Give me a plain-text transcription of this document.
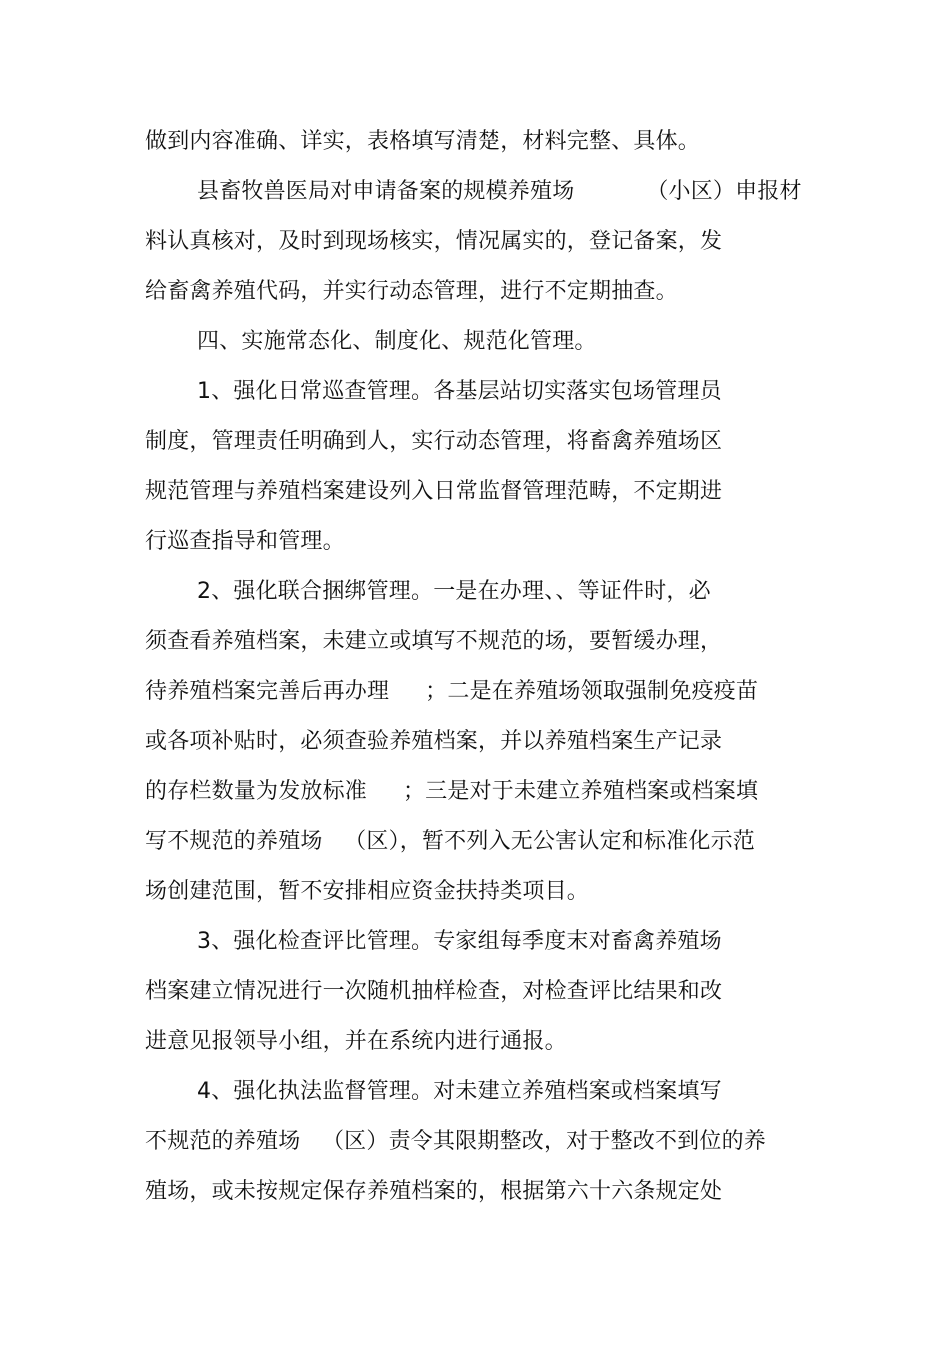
做到内容准确、详实，表格填写清楚，材料完整、具体。
县畜牧兽医局对申请备案的规模养殖场          （小区）申报材
料认真核对，及时到现场核实，情况属实的，登记备案，发
给畜禽养殖代码，并实行动态管理，进行不定期抽查。
四、实施常态化、制度化、规范化管理。
1、强化日常巡查管理。各基层站切实落实包场管理员
制度，管理责任明确到人，实行动态管理，将畜禽养殖场区
规范管理与养殖档案建设列入日常监督管理范畴，不定期进
行巡查指导和管理。
2、强化联合捆绑管理。一是在办理、、等证件时，必
须查看养殖档案，未建立或填写不规范的场，要暂缓办理，
待养殖档案完善后再办理     ；二是在养殖场领取强制免疫疫苗
或各项补贴时，必须查验养殖档案，并以养殖档案生产记录
的存栏数量为发放标准     ；三是对于未建立养殖档案或档案填
写不规范的养殖场   （区），暂不列入无公害认定和标准化示范
场创建范围，暂不安排相应资金扶持类项目。
3、强化检查评比管理。专家组每季度末对畜禽养殖场
档案建立情况进行一次随机抽样检查，对检查评比结果和改
进意见报领导小组，并在系统内进行通报。
4、强化执法监督管理。对未建立养殖档案或档案填写
不规范的养殖场   （区）责令其限期整改，对于整改不到位的养
殖场，或未按规定保存养殖档案的，根据第六十六条规定处
